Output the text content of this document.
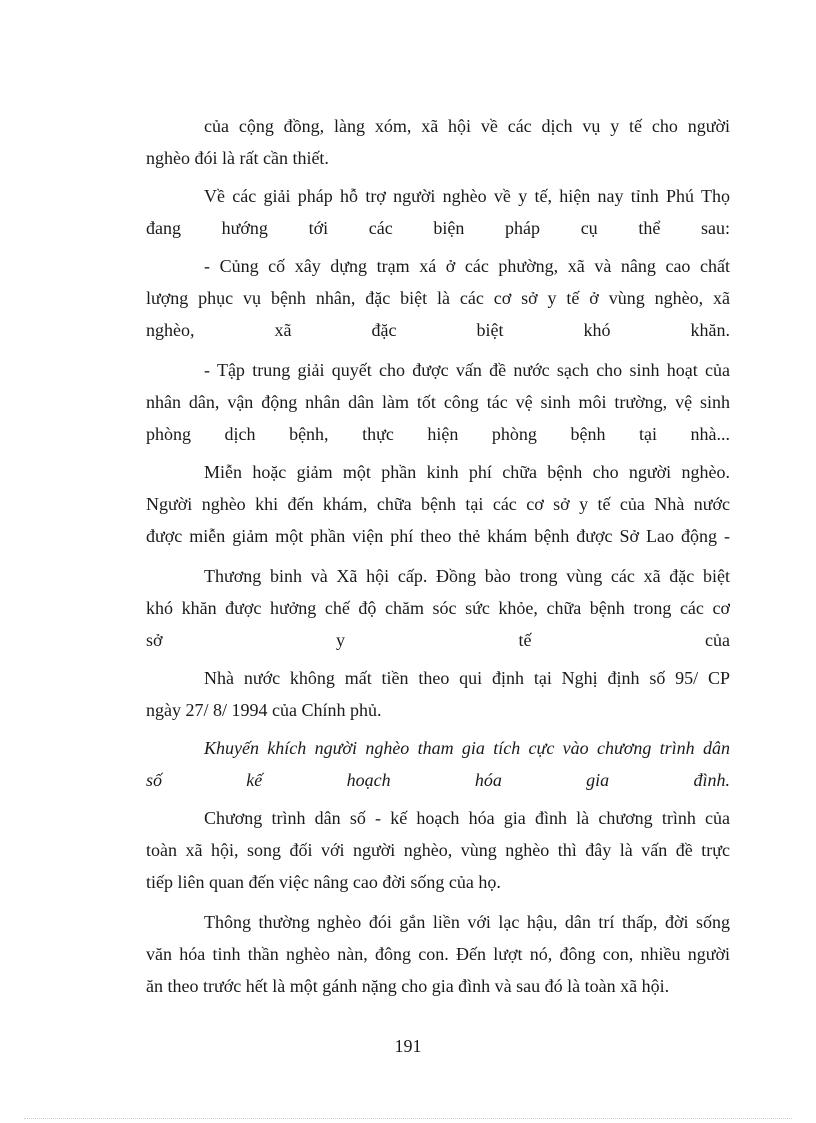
của cộng đồng, làng xóm, xã hội về các dịch vụ y tế cho người
nghèo đói là rất cần thiết.

Về các giải pháp hỗ trợ người nghèo về y tế, hiện nay tỉnh Phú Thọ
đang hướng tới các biện pháp cụ thể sau:

- Củng cố xây dựng trạm xá ở các phường, xã và nâng cao chất
lượng phục vụ bệnh nhân, đặc biệt là các cơ sở y tế ở vùng nghèo, xã
nghèo, xã đặc biệt khó khăn.

- Tập trung giải quyết cho được vấn đề nước sạch cho sinh hoạt của
nhân dân, vận động nhân dân làm tốt công tác vệ sinh môi trường, vệ sinh
phòng dịch bệnh, thực hiện phòng bệnh tại nhà...

Miễn hoặc giảm một phần kinh phí chữa bệnh cho người nghèo.
Người nghèo khi đến khám, chữa bệnh tại các cơ sở y tế của Nhà nước
được miễn giảm một phần viện phí theo thẻ khám bệnh được Sở Lao động -

Thương binh và Xã hội cấp. Đồng bào trong vùng các xã đặc biệt
khó khăn được hưởng chế độ chăm sóc sức khỏe, chữa bệnh trong các cơ
sở y tế của

Nhà nước không mất tiền theo qui định tại Nghị định số 95/ CP
ngày 27/ 8/ 1994 của Chính phủ.

Khuyến khích người nghèo tham gia tích cực vào chương trình dân
số kế hoạch hóa gia đình.

Chương trình dân số - kế hoạch hóa gia đình là chương trình của
toàn xã hội, song đối với người nghèo, vùng nghèo thì đây là vấn đề trực
tiếp liên quan đến việc nâng cao đời sống của họ.

Thông thường nghèo đói gắn liền với lạc hậu, dân trí thấp, đời sống
văn hóa tinh thần nghèo nàn, đông con. Đến lượt nó, đông con, nhiều người
ăn theo trước hết là một gánh nặng cho gia đình và sau đó là toàn xã hội.

191
